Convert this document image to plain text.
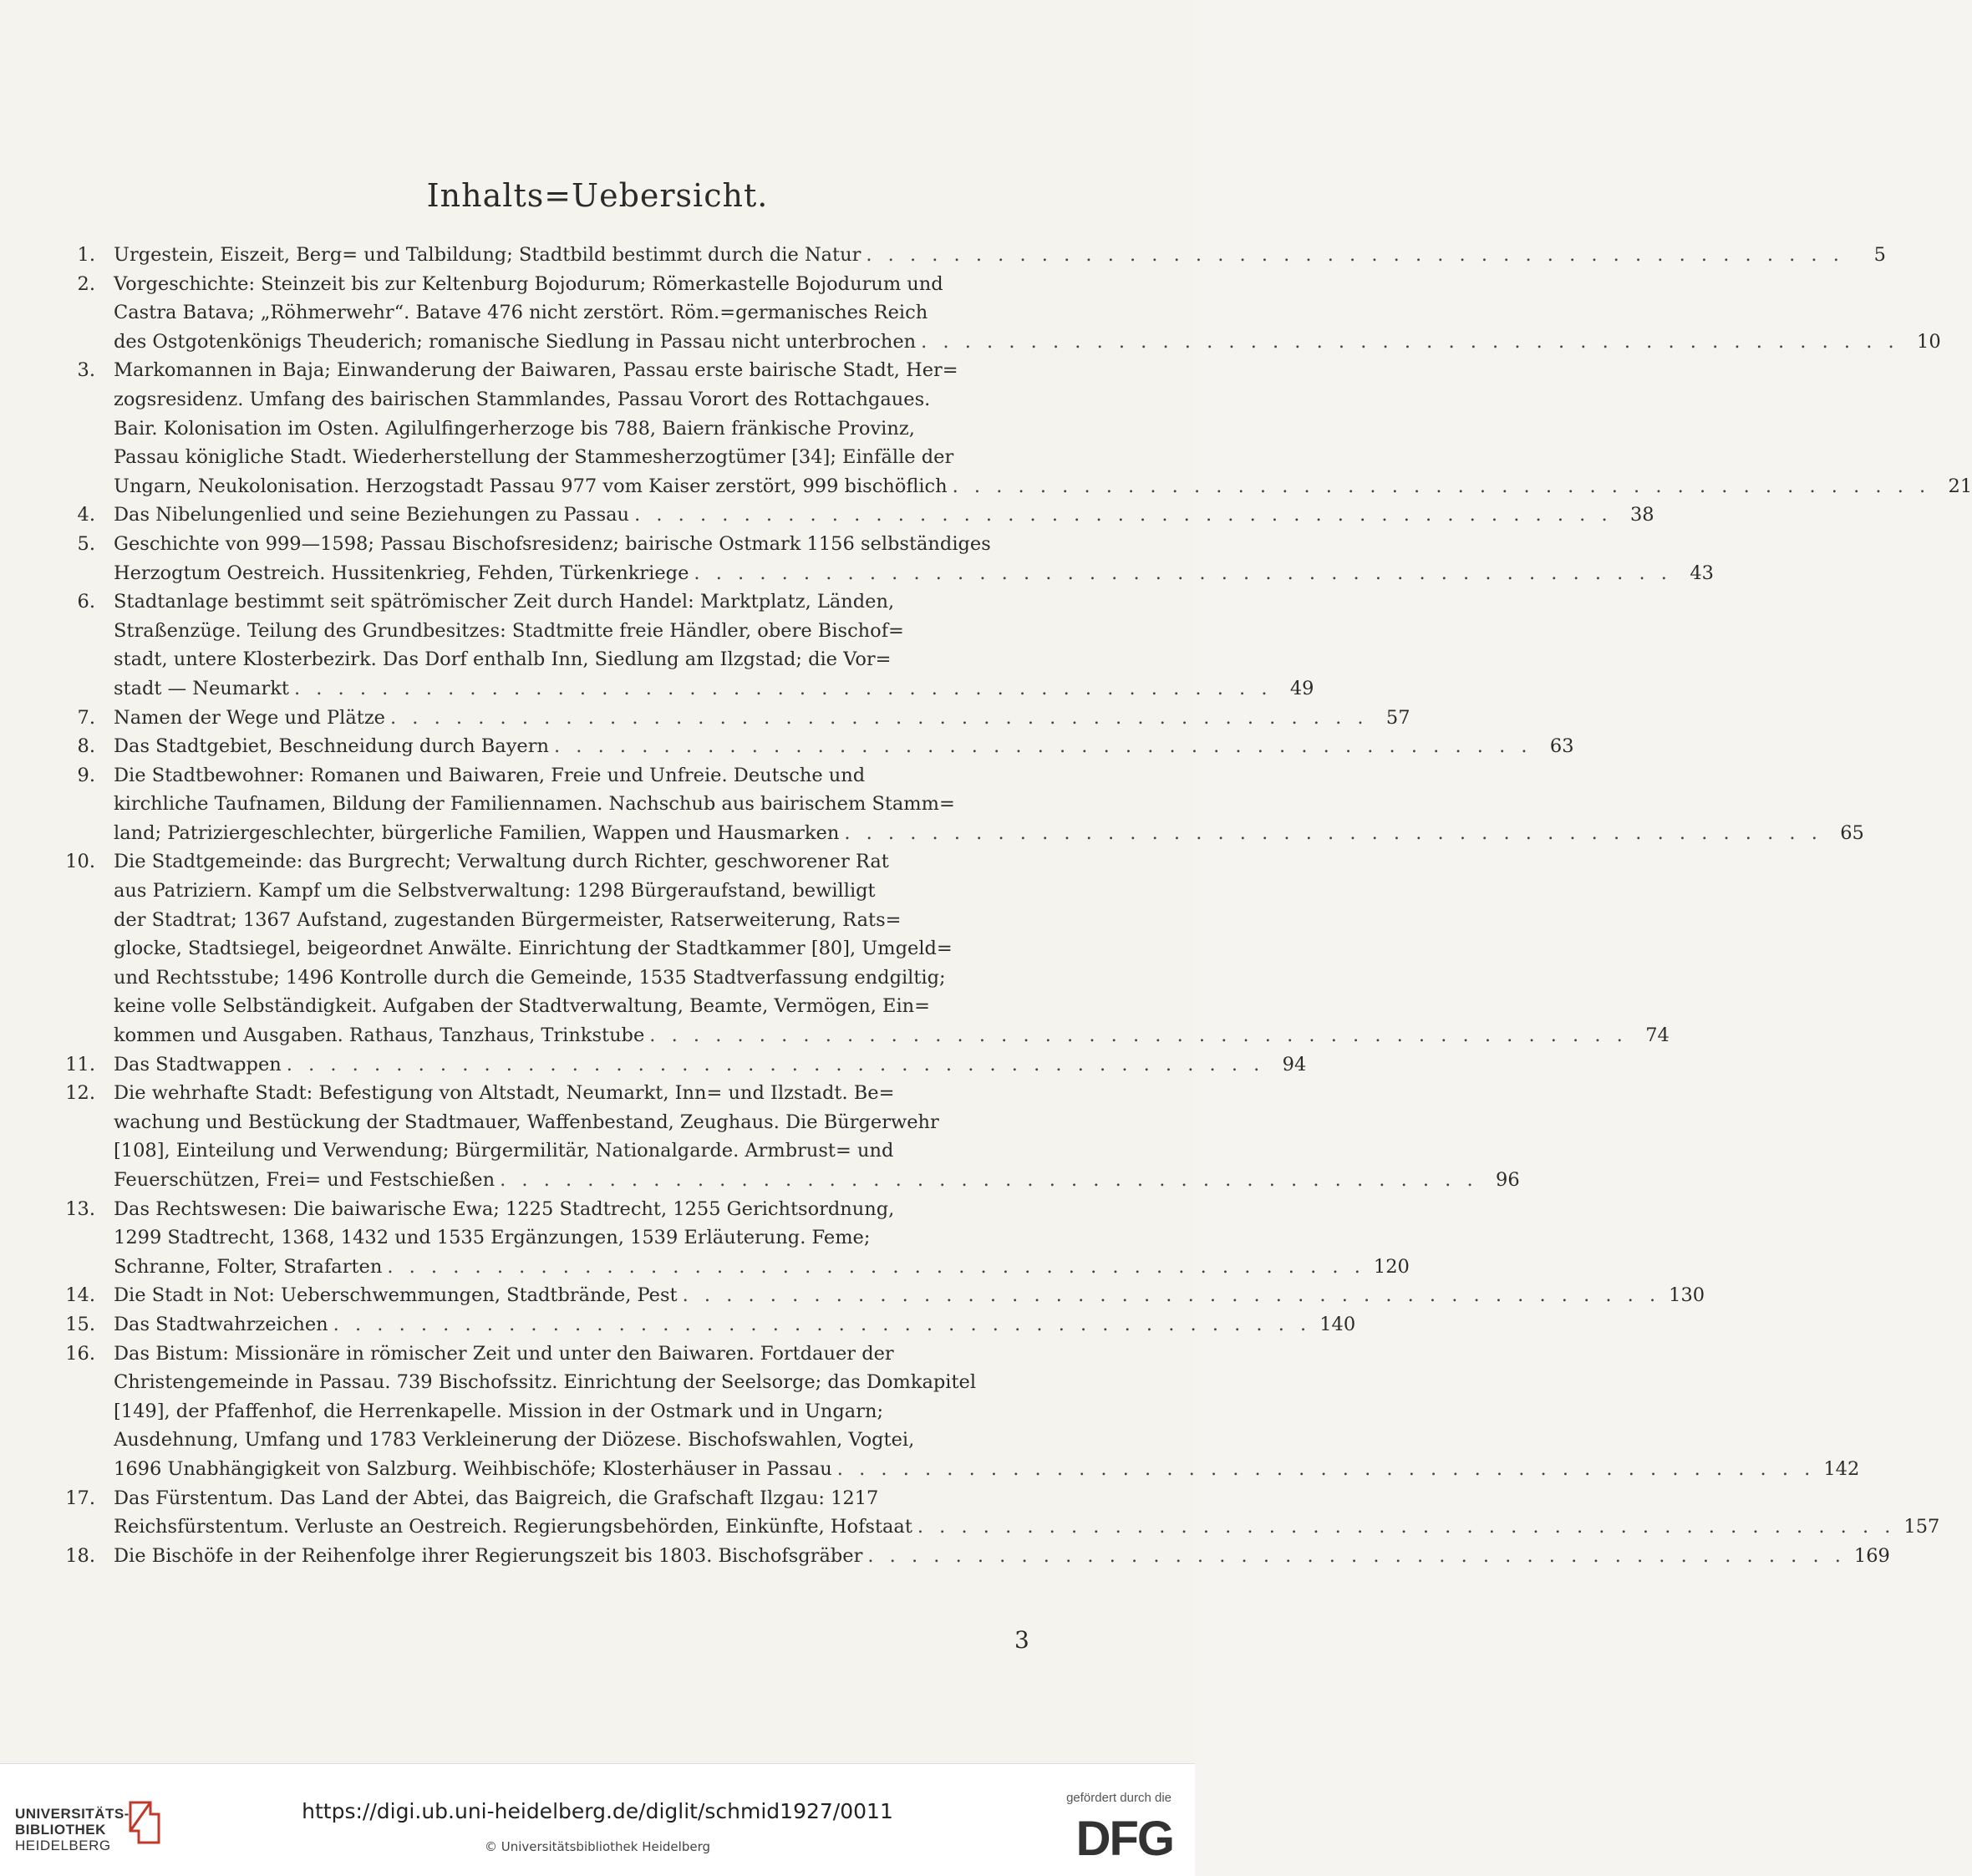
Inhalts=Uebersicht.
1. Urgestein, Eiszeit, Berg= und Talbildung; Stadtbild bestimmt durch die Natur . . . . . . . . . . . . . . . . . . . . . . . . . . . . . . . . . . . . . . . . . . . . .	5
2. Vorgeschichte: Steinzeit bis zur Keltenburg Bojodurum; Römerkastelle Bojodurum und
Castra Batava; „Röhmerwehr“. Batave 476 nicht zerstört. Röm.=germanisches Reich
des Ostgotenkönigs Theuderich; romanische Siedlung in Passau nicht unterbrochen . . . . . . . . . . . . . . . . . . . . . . . . . . . . . . . . . . . . . . . . . . . . . 10
3. Markomannen in Baja; Einwanderung der Baiwaren, Passau erste bairische Stadt, Her=
zogsresidenz. Umfang des bairischen Stammlandes, Passau Vorort des Rottachgaues.
Bair. Kolonisation im Osten. Agilulfingerherzoge bis 788, Baiern fränkische Provinz,
Passau königliche Stadt. Wiederherstellung der Stammesherzogtümer [34]; Einfälle der
Ungarn, Neukolonisation. Herzogstadt Passau 977 vom Kaiser zerstört, 999 bischöflich . . . . . . . . . . . . . . . . . . . . . . . . . . . . . . . . . . . . . . . . . . . . . 21
4. Das Nibelungenlied und seine Beziehungen zu Passau . . . . . . . . . . . . . . . . . . . . . . . . . . . . . . . . . . . . . . . . . . . . . 38
5. Geschichte von 999—1598; Passau Bischofsresidenz; bairische Ostmark 1156 selbständiges
Herzogtum Oestreich. Hussitenkrieg, Fehden, Türkenkriege . . . . . . . . . . . . . . . . . . . . . . . . . . . . . . . . . . . . . . . . . . . . . 43
6. Stadtanlage bestimmt seit spätrömischer Zeit durch Handel: Marktplatz, Länden,
Straßenzüge. Teilung des Grundbesitzes: Stadtmitte freie Händler, obere Bischof=
stadt, untere Klosterbezirk. Das Dorf enthalb Inn, Siedlung am Ilzgstad; die Vor=
stadt — Neumarkt . . . . . . . . . . . . . . . . . . . . . . . . . . . . . . . . . . . . . . . . . . . . . 49
7. Namen der Wege und Plätze . . . . . . . . . . . . . . . . . . . . . . . . . . . . . . . . . . . . . . . . . . . . . 57
8. Das Stadtgebiet, Beschneidung durch Bayern . . . . . . . . . . . . . . . . . . . . . . . . . . . . . . . . . . . . . . . . . . . . . 63
9. Die Stadtbewohner: Romanen und Baiwaren, Freie und Unfreie. Deutsche und
kirchliche Taufnamen, Bildung der Familiennamen. Nachschub aus bairischem Stamm=
land; Patriziergeschlechter, bürgerliche Familien, Wappen und Hausmarken . . . . . . . . . . . . . . . . . . . . . . . . . . . . . . . . . . . . . . . . . . . . . 65
10. Die Stadtgemeinde: das Burgrecht; Verwaltung durch Richter, geschworener Rat
aus Patriziern. Kampf um die Selbstverwaltung: 1298 Bürgeraufstand, bewilligt
der Stadtrat; 1367 Aufstand, zugestanden Bürgermeister, Ratserweiterung, Rats=
glocke, Stadtsiegel, beigeordnet Anwälte. Einrichtung der Stadtkammer [80], Umgeld=
und Rechtsstube; 1496 Kontrolle durch die Gemeinde, 1535 Stadtverfassung endgiltig;
keine volle Selbständigkeit. Aufgaben der Stadtverwaltung, Beamte, Vermögen, Ein=
kommen und Ausgaben. Rathaus, Tanzhaus, Trinkstube . . . . . . . . . . . . . . . . . . . . . . . . . . . . . . . . . . . . . . . . . . . . . 74
11. Das Stadtwappen . . . . . . . . . . . . . . . . . . . . . . . . . . . . . . . . . . . . . . . . . . . . . 94
12. Die wehrhafte Stadt: Befestigung von Altstadt, Neumarkt, Inn= und Ilzstadt. Be=
wachung und Bestückung der Stadtmauer, Waffenbestand, Zeughaus. Die Bürgerwehr
[108], Einteilung und Verwendung; Bürgermilitär, Nationalgarde. Armbrust= und
Feuerschützen, Frei= und Festschießen . . . . . . . . . . . . . . . . . . . . . . . . . . . . . . . . . . . . . . . . . . . . . 96
13. Das Rechtswesen: Die baiwarische Ewa; 1225 Stadtrecht, 1255 Gerichtsordnung,
1299 Stadtrecht, 1368, 1432 und 1535 Ergänzungen, 1539 Erläuterung. Feme;
Schranne, Folter, Strafarten . . . . . . . . . . . . . . . . . . . . . . . . . . . . . . . . . . . . . . . . . . . . . 120
14. Die Stadt in Not: Ueberschwemmungen, Stadtbrände, Pest . . . . . . . . . . . . . . . . . . . . . . . . . . . . . . . . . . . . . . . . . . . . . 130
15. Das Stadtwahrzeichen . . . . . . . . . . . . . . . . . . . . . . . . . . . . . . . . . . . . . . . . . . . . . 140
16. Das Bistum: Missionäre in römischer Zeit und unter den Baiwaren. Fortdauer der
Christengemeinde in Passau. 739 Bischofssitz. Einrichtung der Seelsorge; das Domkapitel
[149], der Pfaffenhof, die Herrenkapelle. Mission in der Ostmark und in Ungarn;
Ausdehnung, Umfang und 1783 Verkleinerung der Diözese. Bischofswahlen, Vogtei,
1696 Unabhängigkeit von Salzburg. Weihbischöfe; Klosterhäuser in Passau . . . . . . . . . . . . . . . . . . . . . . . . . . . . . . . . . . . . . . . . . . . . . 142
17. Das Fürstentum. Das Land der Abtei, das Baigreich, die Grafschaft Ilzgau: 1217
Reichsfürstentum. Verluste an Oestreich. Regierungsbehörden, Einkünfte, Hofstaat . . . . . . . . . . . . . . . . . . . . . . . . . . . . . . . . . . . . . . . . . . . . . 157
18. Die Bischöfe in der Reihenfolge ihrer Regierungszeit bis 1803. Bischofsgräber . . . . . . . . . . . . . . . . . . . . . . . . . . . . . . . . . . . . . . . . . . . . . 169
3
UNIVERSITÄTS-
BIBLIOTHEK
HEIDELBERG
https://digi.ub.uni-heidelberg.de/diglit/schmid1927/0011
© Universitätsbibliothek Heidelberg
gefördert durch die
DFG
